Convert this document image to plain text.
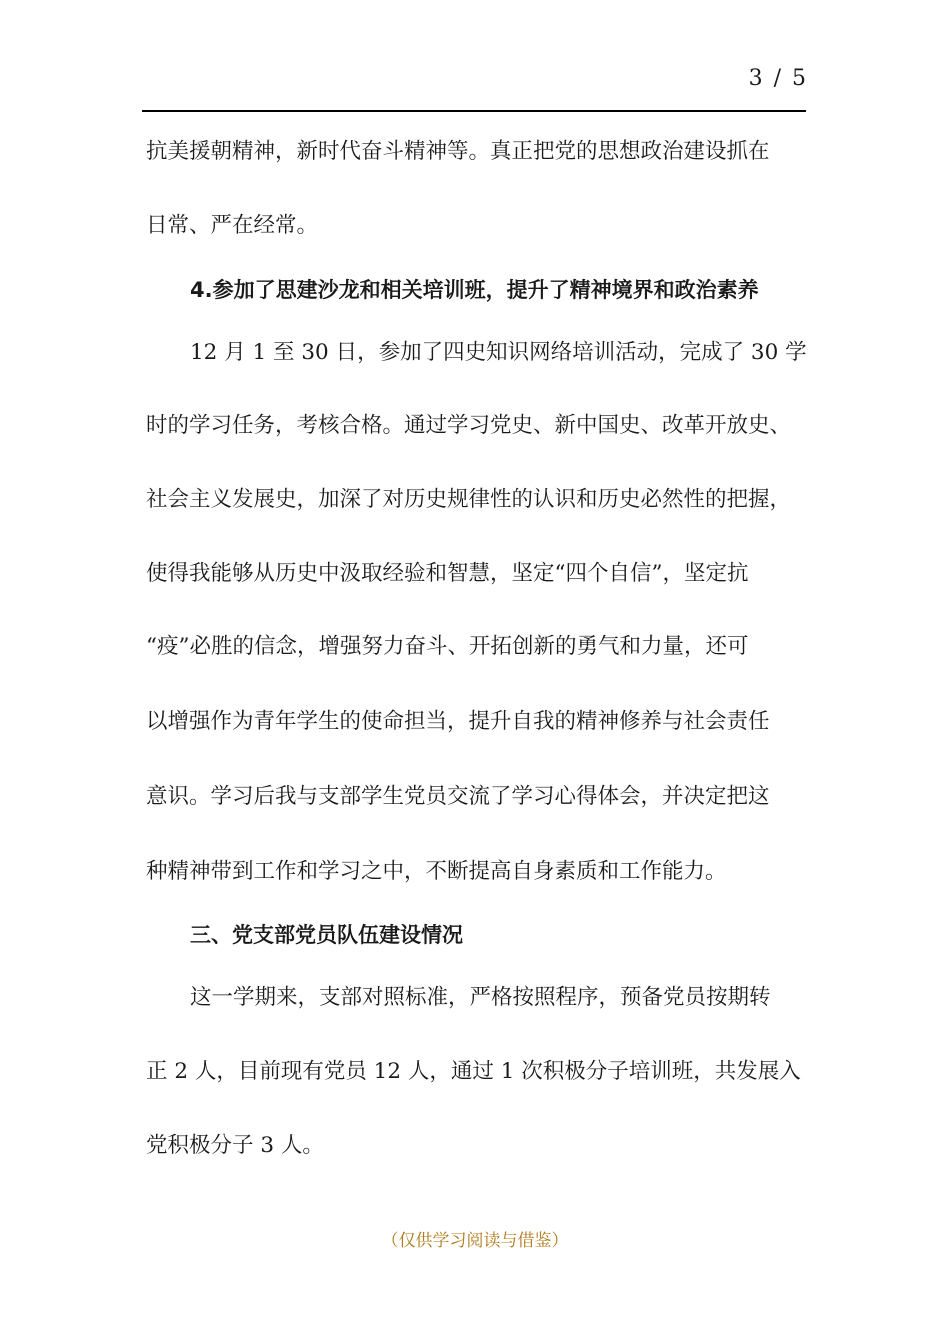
3 / 5
抗美援朝精神，新时代奋斗精神等。真正把党的思想政治建设抓在
日常、严在经常。
4.参加了思建沙龙和相关培训班，提升了精神境界和政治素养
12 月 1 至 30 日，参加了四史知识网络培训活动，完成了 30 学
时的学习任务，考核合格。通过学习党史、新中国史、改革开放史、
社会主义发展史，加深了对历史规律性的认识和历史必然性的把握，
使得我能够从历史中汲取经验和智慧，坚定“四个自信”，坚定抗
“疫”必胜的信念，增强努力奋斗、开拓创新的勇气和力量，还可
以增强作为青年学生的使命担当，提升自我的精神修养与社会责任
意识。学习后我与支部学生党员交流了学习心得体会，并决定把这
种精神带到工作和学习之中，不断提高自身素质和工作能力。
三、党支部党员队伍建设情况
这一学期来，支部对照标准，严格按照程序，预备党员按期转
正 2 人，目前现有党员 12 人，通过 1 次积极分子培训班，共发展入
党积极分子 3 人。
（仅供学习阅读与借鉴）
